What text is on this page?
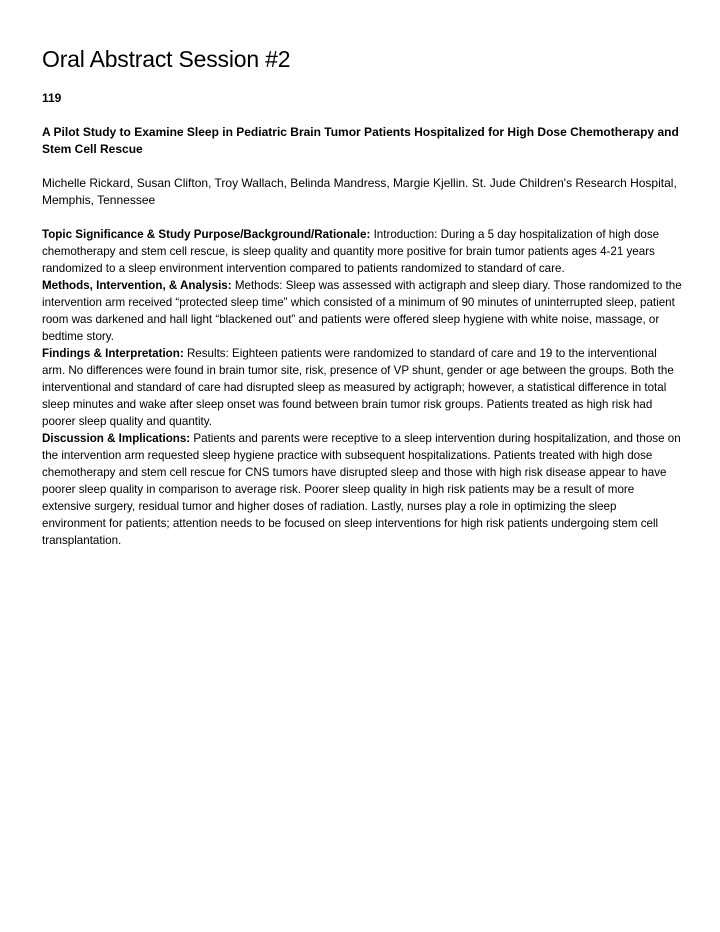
Oral Abstract Session #2
119
A Pilot Study to Examine Sleep in Pediatric Brain Tumor Patients Hospitalized for High Dose Chemotherapy and Stem Cell Rescue
Michelle Rickard, Susan Clifton, Troy Wallach, Belinda Mandress, Margie Kjellin. St. Jude Children's Research Hospital, Memphis, Tennessee

Topic Significance & Study Purpose/Background/Rationale: Introduction: During a 5 day hospitalization of high dose chemotherapy and stem cell rescue, is sleep quality and quantity more positive for brain tumor patients ages 4-21 years randomized to a sleep environment intervention compared to patients randomized to standard of care.

Methods, Intervention, & Analysis: Methods: Sleep was assessed with actigraph and sleep diary. Those randomized to the intervention arm received “protected sleep time” which consisted of a minimum of 90 minutes of uninterrupted sleep, patient room was darkened and hall light “blackened out” and patients were offered sleep hygiene with white noise, massage, or bedtime story.

Findings & Interpretation: Results: Eighteen patients were randomized to standard of care and 19 to the interventional arm. No differences were found in brain tumor site, risk, presence of VP shunt, gender or age between the groups. Both the interventional and standard of care had disrupted sleep as measured by actigraph; however, a statistical difference in total sleep minutes and wake after sleep onset was found between brain tumor risk groups. Patients treated as high risk had poorer sleep quality and quantity.

Discussion & Implications: Patients and parents were receptive to a sleep intervention during hospitalization, and those on the intervention arm requested sleep hygiene practice with subsequent hospitalizations. Patients treated with high dose chemotherapy and stem cell rescue for CNS tumors have disrupted sleep and those with high risk disease appear to have poorer sleep quality in comparison to average risk. Poorer sleep quality in high risk patients may be a result of more extensive surgery, residual tumor and higher doses of radiation. Lastly, nurses play a role in optimizing the sleep environment for patients; attention needs to be focused on sleep interventions for high risk patients undergoing stem cell transplantation.
